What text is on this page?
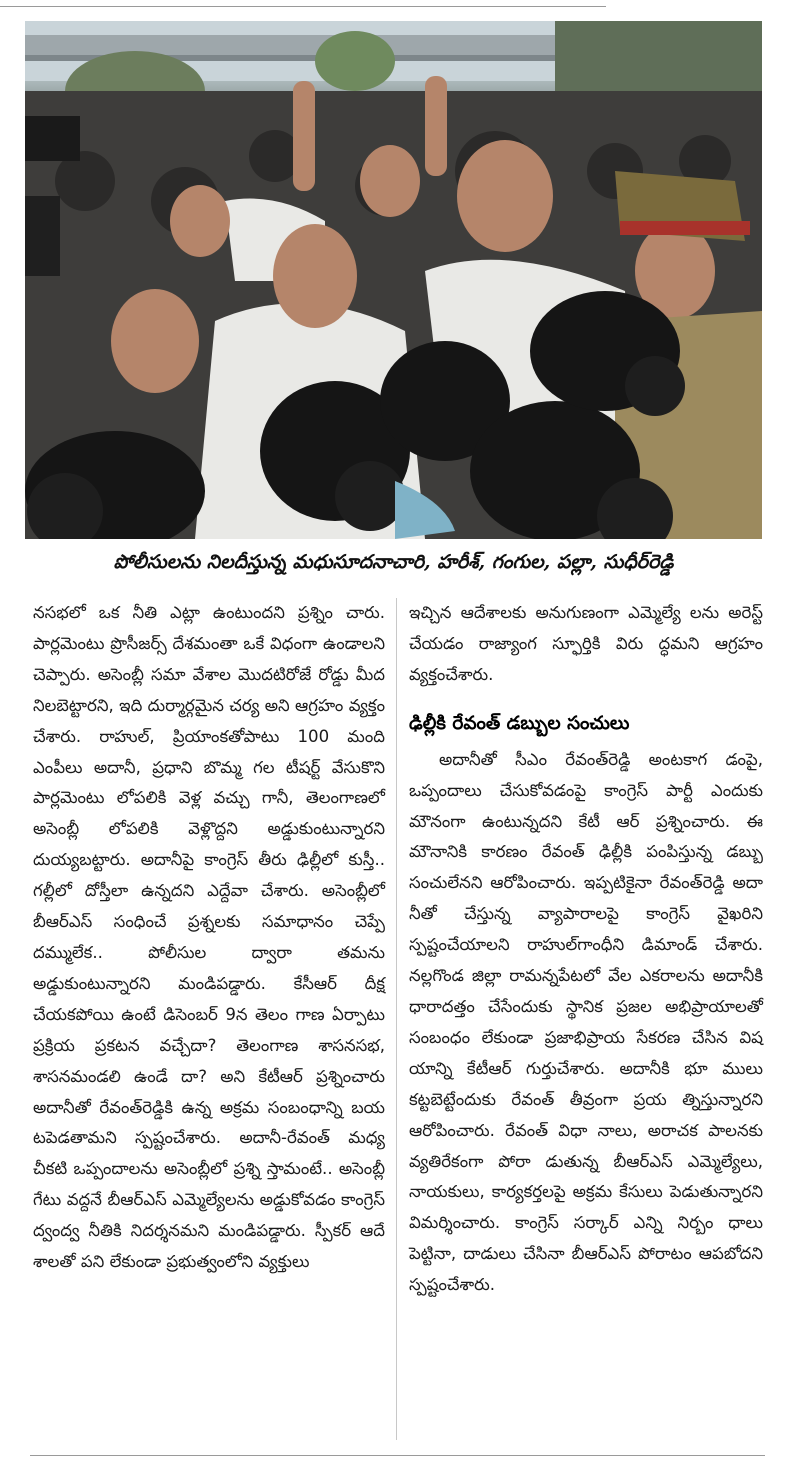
పోలీసులను నిలదీస్తున్న మధుసూదనాచారి, హరీశ్, గంగుల, పల్లా, సుధీర్‌రెడ్డి

నసభలో ఒక నీతి ఎట్లా ఉంటుందని ప్రశ్నిం చారు. పార్లమెంటు ప్రొసీజర్స్ దేశమంతా ఒకే విధంగా ఉండాలని చెప్పారు. అసెంబ్లీ సమా వేశాల మొదటిరోజే రోడ్డు మీద నిలబెట్టారని, ఇది దుర్మార్గమైన చర్య అని ఆగ్రహం వ్యక్తం చేశారు. రాహుల్, ప్రియాంకతోపాటు 100 మంది ఎంపీలు అదానీ, ప్రధాని బొమ్మ గల టీషర్ట్ వేసుకొని పార్లమెంటు లోపలికి వెళ్ల వచ్చు గానీ, తెలంగాణలో అసెంబ్లీ లోపలికి వెళ్లొద్దని అడ్డుకుంటున్నారని దుయ్యబట్టారు. అదానీపై కాంగ్రెస్ తీరు ఢిల్లీలో కుస్తీ.. గల్లీలో దోస్తీలా ఉన్నదని ఎద్దేవా చేశారు. అసెంబ్లీలో బీఆర్ఎస్ సంధించే ప్రశ్నలకు సమాధానం చెప్పే దమ్ములేక.. పోలీసుల ద్వారా తమను అడ్డుకుంటున్నారని మండిపడ్డారు. కేసీఆర్ దీక్ష చేయకపోయి ఉంటే డిసెంబర్ 9న తెలం గాణ ఏర్పాటు ప్రక్రియ ప్రకటన వచ్చేదా? తెలంగాణ శాసనసభ, శాసనమండలి ఉండే దా? అని కేటీఆర్ ప్రశ్నించారు అదానీతో రేవంత్‌రెడ్డికి ఉన్న అక్రమ సంబంధాన్ని బయ టపెడతామని స్పష్టంచేశారు. అదానీ-రేవంత్ మధ్య చీకటి ఒప్పందాలను అసెంబ్లీలో ప్రశ్ని స్తామంటే.. అసెంబ్లీ గేటు వద్దనే బీఆర్ఎస్ ఎమ్మెల్యేలను అడ్డుకోవడం కాంగ్రెస్ ద్వంద్వ నీతికి నిదర్శనమని మండిపడ్డారు. స్పీకర్ ఆదే శాలతో పని లేకుండా ప్రభుత్వంలోని వ్యక్తులు

ఇచ్చిన ఆదేశాలకు అనుగుణంగా ఎమ్మెల్యే లను అరెస్ట్ చేయడం రాజ్యాంగ స్ఫూర్తికి విరు ద్ధమని ఆగ్రహం వ్యక్తంచేశారు.

ఢిల్లీకి రేవంత్ డబ్బుల సంచులు

అదానీతో సీఎం రేవంత్‌రెడ్డి అంటకాగ డంపై, ఒప్పందాలు చేసుకోవడంపై కాంగ్రెస్ పార్టీ ఎందుకు మౌనంగా ఉంటున్నదని కేటీ ఆర్ ప్రశ్నించారు. ఈ మౌనానికి కారణం రేవంత్ ఢిల్లీకి పంపిస్తున్న డబ్బు సంచులేనని ఆరోపించారు. ఇప్పటికైనా రేవంత్‌రెడ్డి అదా నీతో చేస్తున్న వ్యాపారాలపై కాంగ్రెస్ వైఖరిని స్పష్టంచేయాలని రాహుల్‌గాంధీని డిమాండ్ చేశారు. నల్లగొండ జిల్లా రామన్నపేటలో వేల ఎకరాలను అదానీకి ధారాదత్తం చేసేందుకు స్థానిక ప్రజల అభిప్రాయాలతో సంబంధం లేకుండా ప్రజాభిప్రాయ సేకరణ చేసిన విష యాన్ని కేటీఆర్ గుర్తుచేశారు. అదానీకి భూ ములు కట్టబెట్టేందుకు రేవంత్ తీవ్రంగా ప్రయ త్నిస్తున్నారని ఆరోపించారు. రేవంత్ విధా నాలు, అరాచక పాలనకు వ్యతిరేకంగా పోరా డుతున్న బీఆర్ఎస్ ఎమ్మెల్యేలు, నాయకులు, కార్యకర్తలపై అక్రమ కేసులు పెడుతున్నారని విమర్శించారు. కాంగ్రెస్ సర్కార్ ఎన్ని నిర్బం ధాలు పెట్టినా, దాడులు చేసినా బీఆర్ఎస్ పోరాటం ఆపబోదని స్పష్టంచేశారు.
